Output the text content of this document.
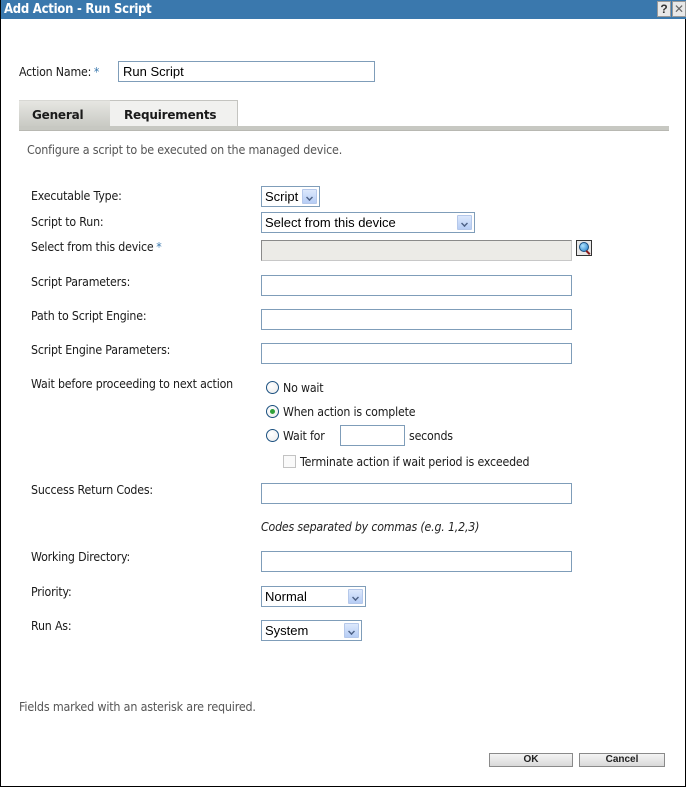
Add Action - Run Script	? ✕
Action Name: *
Run Script
Requirements
General
Configure a script to be executed on the managed device.
Executable Type:	Script
Script to Run:	Select from this device
Select from this device *
Script Parameters:
Path to Script Engine:
Script Engine Parameters:
Wait before proceeding to next action	No wait
When action is complete
Wait for	seconds
Terminate action if wait period is exceeded
Success Return Codes:
Codes separated by commas (e.g. 1,2,3)
Working Directory:
Priority:	Normal
Run As:	System
Fields marked with an asterisk are required.
OK	Cancel
